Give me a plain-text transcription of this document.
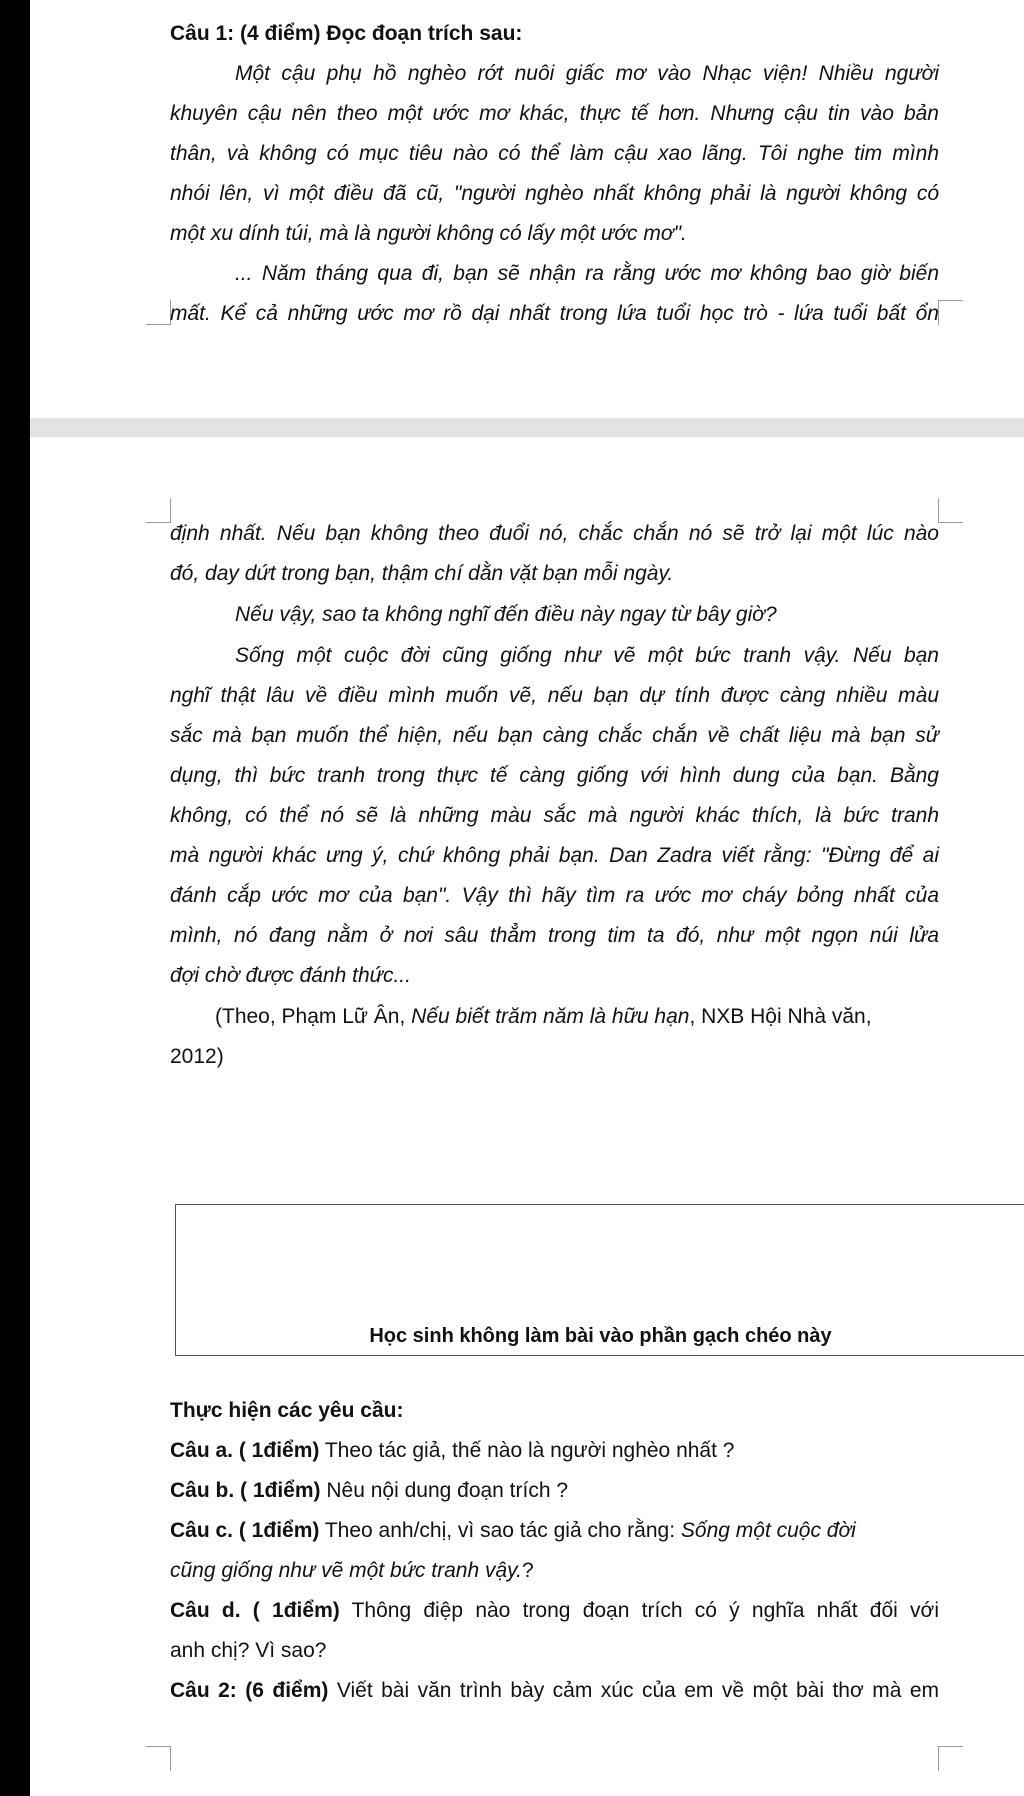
Câu 1: (4 điểm) Đọc đoạn trích sau:
Một cậu phụ hồ nghèo rớt nuôi giấc mơ vào Nhạc viện! Nhiều người
khuyên cậu nên theo một ước mơ khác, thực tế hơn. Nhưng cậu tin vào bản
thân, và không có mục tiêu nào có thể làm cậu xao lãng. Tôi nghe tim mình
nhói lên, vì một điều đã cũ, "người nghèo nhất không phải là người không có
một xu dính túi, mà là người không có lấy một ước mơ".
... Năm tháng qua đi, bạn sẽ nhận ra rằng ước mơ không bao giờ biến
mất. Kể cả những ước mơ rồ dại nhất trong lứa tuổi học trò - lứa tuổi bất ổn
định nhất. Nếu bạn không theo đuổi nó, chắc chắn nó sẽ trở lại một lúc nào
đó, day dứt trong bạn, thậm chí dằn vặt bạn mỗi ngày.
Nếu vậy, sao ta không nghĩ đến điều này ngay từ bây giờ?
Sống một cuộc đời cũng giống như vẽ một bức tranh vậy. Nếu bạn
nghĩ thật lâu về điều mình muốn vẽ, nếu bạn dự tính được càng nhiều màu
sắc mà bạn muốn thể hiện, nếu bạn càng chắc chắn về chất liệu mà bạn sử
dụng, thì bức tranh trong thực tế càng giống với hình dung của bạn. Bằng
không, có thể nó sẽ là những màu sắc mà người khác thích, là bức tranh
mà người khác ưng ý, chứ không phải bạn. Dan Zadra viết rằng: "Đừng để ai
đánh cắp ước mơ của bạn". Vậy thì hãy tìm ra ước mơ cháy bỏng nhất của
mình, nó đang nằm ở nơi sâu thẳm trong tim ta đó, như một ngọn núi lửa
đợi chờ được đánh thức...
(Theo, Phạm Lữ Ân, Nếu biết trăm năm là hữu hạn, NXB Hội Nhà văn,
2012)
Học sinh không làm bài vào phần gạch chéo này
Thực hiện các yêu cầu:
Câu a. ( 1điểm) Theo tác giả, thế nào là người nghèo nhất ?
Câu b. ( 1điểm) Nêu nội dung đoạn trích ?
Câu c. ( 1điểm) Theo anh/chị, vì sao tác giả cho rằng: Sống một cuộc đời
cũng giống như vẽ một bức tranh vậy.?
Câu d. ( 1điểm) Thông điệp nào trong đoạn trích có ý nghĩa nhất đối với
anh chị? Vì sao?
Câu 2: (6 điểm) Viết bài văn trình bày cảm xúc của em về một bài thơ mà em
